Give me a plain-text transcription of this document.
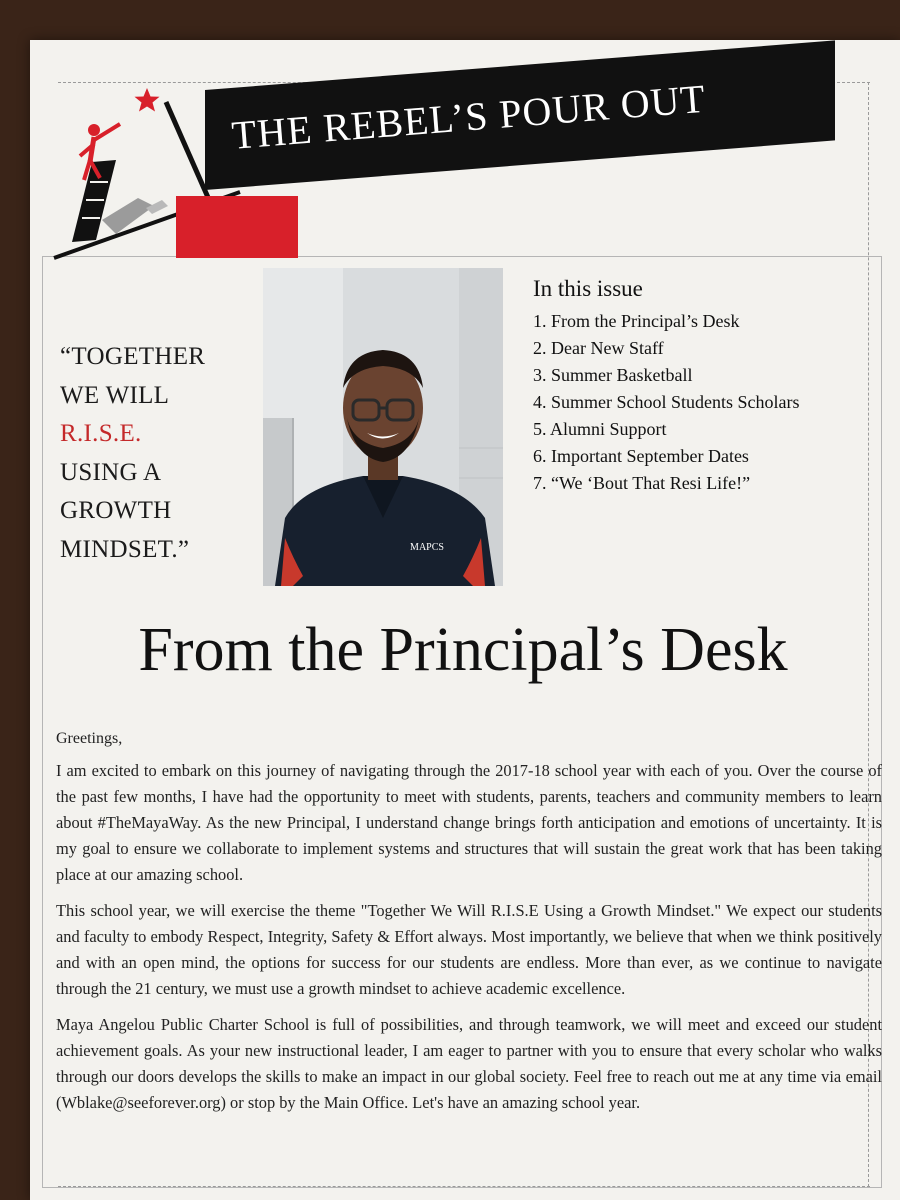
THE REBEL’S POUR OUT
“TOGETHER
WE WILL
R.I.S.E.
USING A
GROWTH
MINDSET.”	MAPCS
In this issue
1. From the Principal’s Desk
2. Dear New Staff
3. Summer Basketball
4. Summer School Students Scholars
5. Alumni Support
6. Important September Dates
7. “We ‘Bout That Resi Life!”
From the Principal’s Desk
Greetings,

I am excited to embark on this journey of navigating through the 2017-18 school year with each of you. Over the course of the past few months, I have had the opportunity to meet with students, parents, teachers and community members to learn about #TheMayaWay. As the new Principal, I understand change brings forth anticipation and emotions of uncertainty. It is my goal to ensure we collaborate to implement systems and structures that will sustain the great work that has been taking place at our amazing school.

This school year, we will exercise the theme "Together We Will R.I.S.E Using a Growth Mindset." We expect our students and faculty to embody Respect, Integrity, Safety & Effort always. Most importantly, we believe that when we think positively and with an open mind, the options for success for our students are endless. More than ever, as we continue to navigate through the 21 century, we must use a growth mindset to achieve academic excellence.

Maya Angelou Public Charter School is full of possibilities, and through teamwork, we will meet and exceed our student achievement goals. As your new instructional leader, I am eager to partner with you to ensure that every scholar who walks through our doors develops the skills to make an impact in our global society. Feel free to reach out me at any time via email (Wblake@seeforever.org) or stop by the Main Office. Let's have an amazing school year.
